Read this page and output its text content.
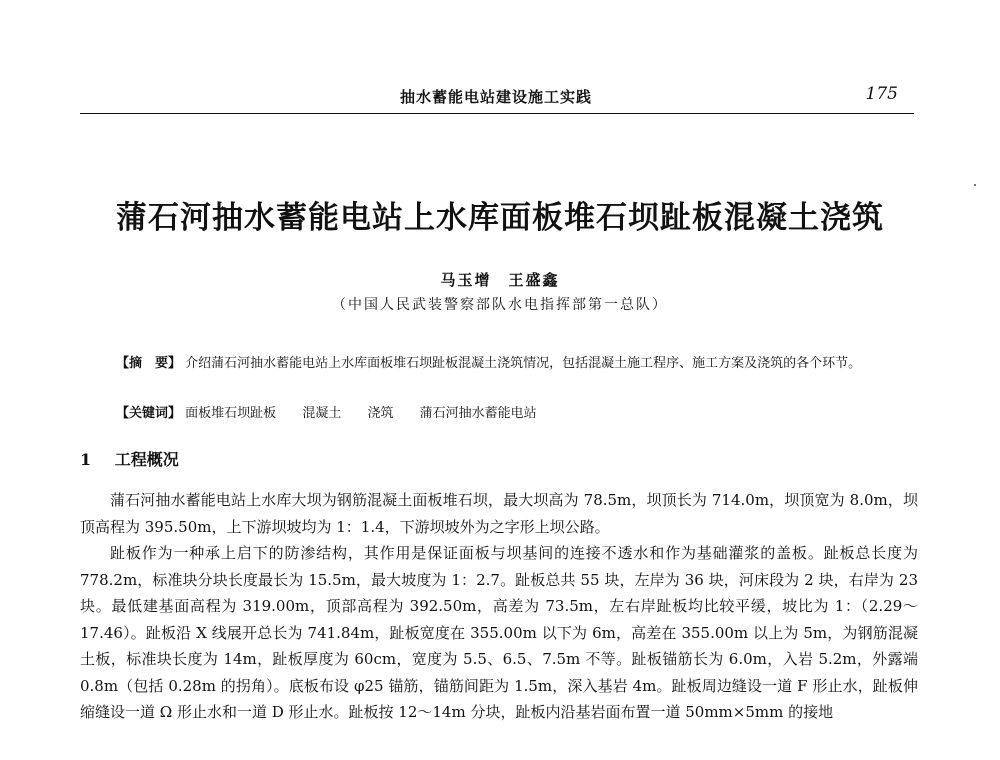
抽水蓄能电站建设施工实践	175
蒲石河抽水蓄能电站上水库面板堆石坝趾板混凝土浇筑
马玉增　王盛鑫
（中国人民武装警察部队水电指挥部第一总队）
【摘　要】 介绍蒲石河抽水蓄能电站上水库面板堆石坝趾板混凝土浇筑情况，包括混凝土施工程序、施工方案及浇筑的各个环节。
【关键词】 面板堆石坝趾板 混凝土 浇筑 蒲石河抽水蓄能电站
1 工程概况

蒲石河抽水蓄能电站上水库大坝为钢筋混凝土面板堆石坝，最大坝高为 78.5m，坝顶长为 714.0m，坝顶宽为 8.0m，坝顶高程为 395.50m，上下游坝坡均为 1：1.4，下游坝坡外为之字形上坝公路。

趾板作为一种承上启下的防渗结构，其作用是保证面板与坝基间的连接不透水和作为基础灌浆的盖板。趾板总长度为 778.2m，标准块分块长度最长为 15.5m，最大坡度为 1：2.7。趾板总共 55 块，左岸为 36 块，河床段为 2 块，右岸为 23 块。最低建基面高程为 319.00m，顶部高程为 392.50m，高差为 73.5m，左右岸趾板均比较平缓，坡比为 1：（2.29～17.46）。趾板沿 X 线展开总长为 741.84m，趾板宽度在 355.00m 以下为 6m，高差在 355.00m 以上为 5m，为钢筋混凝土板，标准块长度为 14m，趾板厚度为 60cm，宽度为 5.5、6.5、7.5m 不等。趾板锚筋长为 6.0m，入岩 5.2m，外露端 0.8m（包括 0.28m 的拐角）。底板布设 φ25 锚筋，锚筋间距为 1.5m，深入基岩 4m。趾板周边缝设一道 F 形止水，趾板伸缩缝设一道 Ω 形止水和一道 D 形止水。趾板按 12～14m 分块，趾板内沿基岩面布置一道 50mm×5mm 的接地
